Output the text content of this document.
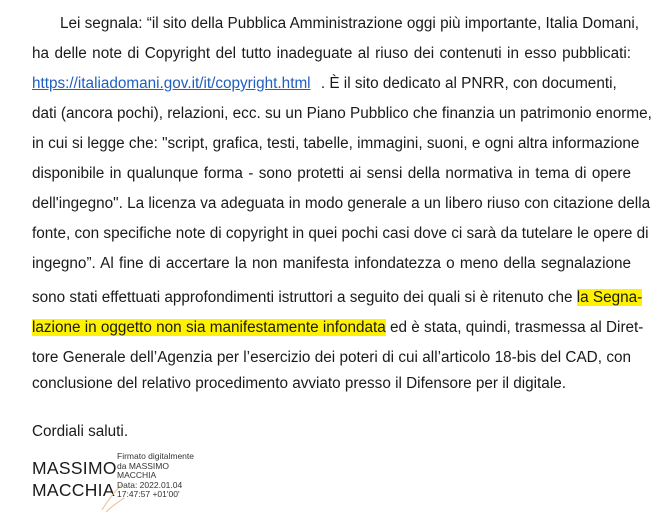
Lei segnala: “il sito della Pubblica Amministrazione oggi più importante, Italia Domani,
ha delle note di Copyright del tutto inadeguate al riuso dei contenuti in esso pubblicati:
https://italiadomani.gov.it/it/copyright.html . È il sito dedicato al PNRR, con documenti,
dati (ancora pochi), relazioni, ecc. su un Piano Pubblico che finanzia un patrimonio enorme,
in cui si legge che: "script, grafica, testi, tabelle, immagini, suoni, e ogni altra informazione
disponibile in qualunque forma - sono protetti ai sensi della normativa in tema di opere
dell'ingegno". La licenza va adeguata in modo generale a un libero riuso con citazione della
fonte, con specifiche note di copyright in quei pochi casi dove ci sarà da tutelare le opere di
ingegno”. Al fine di accertare la non manifesta infondatezza o meno della segnalazione
sono stati effettuati approfondimenti istruttori a seguito dei quali si è ritenuto che la Segna-
lazione in oggetto non sia manifestamente infondata ed è stata, quindi, trasmessa al Diret-
tore Generale dell’Agenzia per l’esercizio dei poteri di cui all’articolo 18-bis del CAD, con
conclusione del relativo procedimento avviato presso il Difensore per il digitale.
Cordiali saluti.
MASSIMO
MACCHIA
Firmato digitalmente
da MASSIMO
MACCHIA
Data: 2022.01.04
17:47:57 +01'00'
